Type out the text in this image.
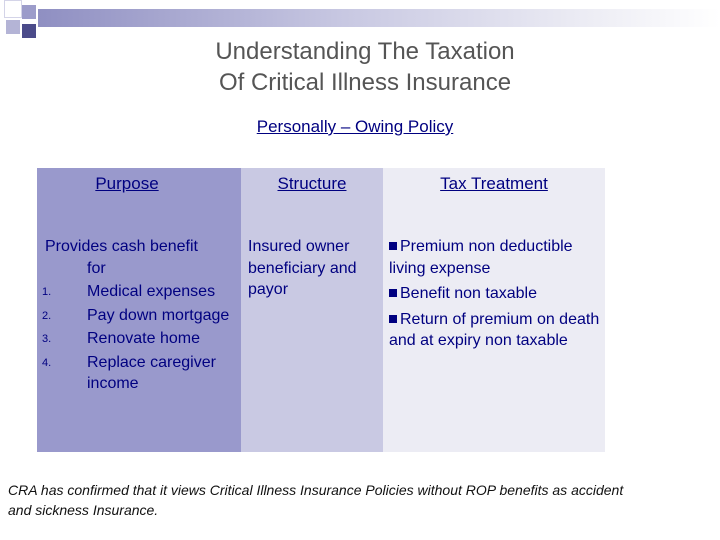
Understanding The Taxation
Of Critical Illness Insurance
Personally – Owing Policy
Purpose
Provides cash benefit
for
1. Medical expenses
2. Pay down mortgage
3. Renovate home
4. Replace caregiver income
Structure
Insured owner beneficiary and payor
Tax Treatment
Premium non deductible living expense
Benefit non taxable
Return of premium on death and at expiry non taxable
CRA has confirmed that it views Critical Illness Insurance Policies without ROP benefits as accident and sickness Insurance.
